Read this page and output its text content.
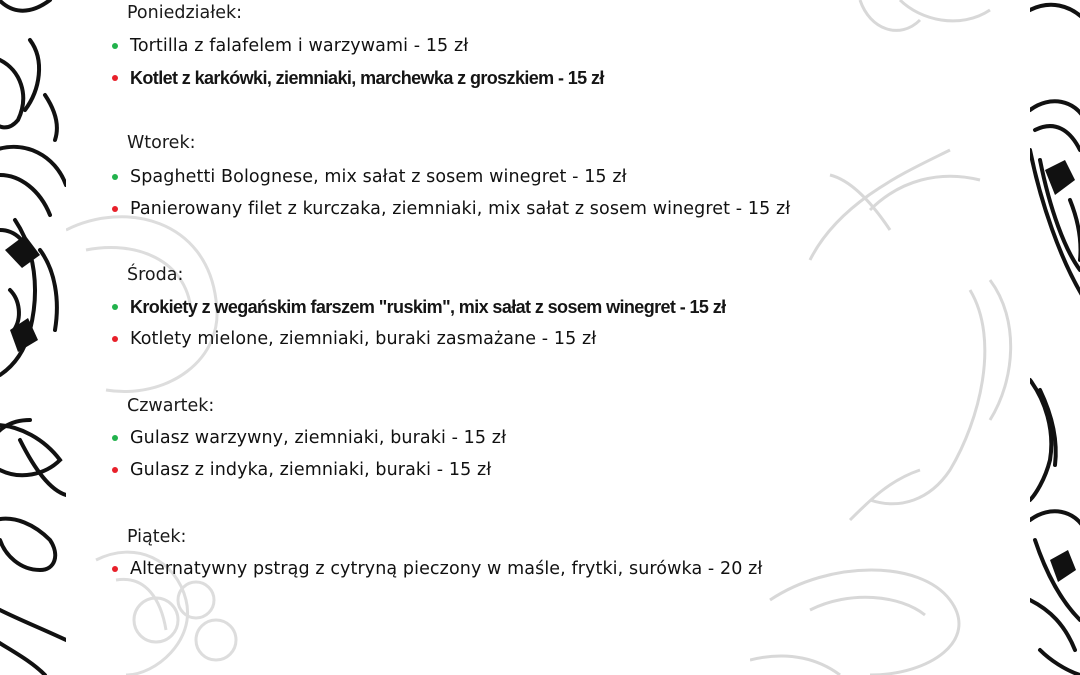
Poniedziałek:
Tortilla z falafelem i warzywami - 15 zł
Kotlet z karkówki, ziemniaki, marchewka z groszkiem - 15 zł
Wtorek:
Spaghetti Bolognese, mix sałat z sosem winegret - 15 zł
Panierowany filet z kurczaka, ziemniaki, mix sałat z sosem winegret - 15 zł
Środa:
Krokiety z wegańskim farszem "ruskim", mix sałat z sosem winegret - 15 zł
Kotlety mielone, ziemniaki, buraki zasmażane - 15 zł
Czwartek:
Gulasz warzywny, ziemniaki, buraki - 15 zł
Gulasz z indyka, ziemniaki, buraki - 15 zł
Piątek:
Alternatywny pstrąg z cytryną pieczony w maśle, frytki, surówka - 20 zł
